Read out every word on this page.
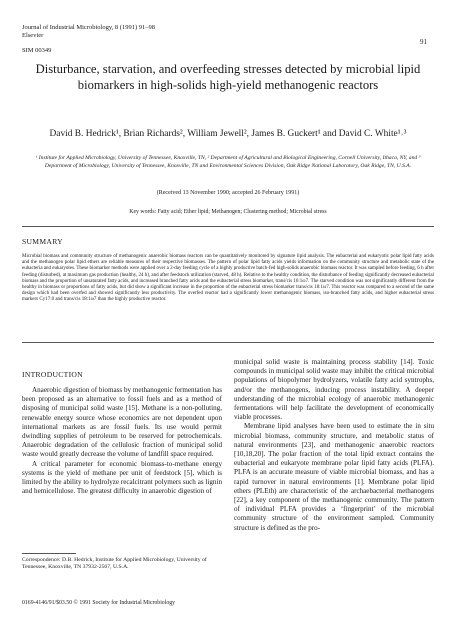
Journal of Industrial Microbiology, 8 (1991) 91–98
Elsevier
91
SIM 00349
Disturbance, starvation, and overfeeding stresses detected by microbial lipid biomarkers in high-solids high-yield methanogenic reactors
David B. Hedrick¹, Brian Richards², William Jewell², James B. Guckert¹ and David C. White¹˒³
¹ Institute for Applied Microbiology, University of Tennessee, Knoxville, TN, ² Department of Agricultural and Biological Engineering, Cornell University, Ithaca, NY, and ³ Department of Microbiology, University of Tennessee, Knoxville, TN and Environmental Sciences Division, Oak Ridge National Laboratory, Oak Ridge, TN, U.S.A.
(Received 13 November 1990; accepted 26 February 1991)
Key words: Fatty acid; Ether lipid; Methanogen; Clustering method; Microbial stress
SUMMARY
Microbial biomass and community structure of methanogenic anaerobic biomass reactors can be quantitatively monitored by signature lipid analysis. The eubacterial and eukaryotic polar lipid fatty acids and the methanogen polar lipid ethers are reliable measures of their respective biomasses. The pattern of polar lipid fatty acids yields information on the community structure and metabolic state of the eubacteria and eukaryotes. These biomarker methods were applied over a 2-day feeding cycle of a highly productive batch-fed high-solids anaerobic biomass reactor. It was sampled before feeding, 6 h after feeding (disturbed), at maximum gas production (healthy, 24 h), and after feedstock utilization (starved, 48 h). Relative to the healthy condition, the disturbance of feeding significantly decreased eubacterial biomass and the proportion of unsaturated fatty acids, and increased branched fatty acids and the eubacterial stress biomarker, trans/cis 16:1ω7. The starved condition was not significantly different from the healthy in biomass or proportions of fatty acids, but did show a significant increase in the proportion of the eubacterial stress biomarker trans/cis 18:1ω7. This reactor was compared to a second of the same design which had been overfed and showed significantly less productivity. The overfed reactor had a significantly lower methanogenic biomass, iso-branched fatty acids, and higher eubacterial stress markers Cy17:0 and trans/cis 18:1ω7 than the highly productive reactor.
INTRODUCTION

Anaerobic digestion of biomass by methanogenic fermentation has been proposed as an alternative to fossil fuels and as a method of disposing of municipal solid waste [15]. Methane is a non-polluting, renewable energy source whose economics are not dependent upon international markets as are fossil fuels. Its use would permit dwindling supplies of petroleum to be reserved for petrochemicals. Anaerobic degradation of the cellulosic fraction of municipal solid waste would greatly decrease the volume of landfill space required.

A critical parameter for economic biomass-to-methane energy systems is the yield of methane per unit of feedstock [5], which is limited by the ability to hydrolyze recalcitrant polymers such as lignin and hemicellulose. The greatest difficulty in anaerobic digestion of

municipal solid waste is maintaining process stability [14]. Toxic compounds in municipal solid waste may inhibit the critical microbial populations of biopolymer hydrolyzers, volatile fatty acid syntrophs, and/or the methanogens, inducing process instability. A deeper understanding of the microbial ecology of anaerobic methanogenic fermentations will help facilitate the development of economically viable processes.

Membrane lipid analyses have been used to estimate the in situ microbial biomass, community structure, and metabolic status of natural environments [23], and methanogenic anaerobic reactors [10,18,20]. The polar fraction of the total lipid extract contains the eubacterial and eukaryote membrane polar lipid fatty acids (PLFA). PLFA is an accurate measure of viable microbial biomass, and has a rapid turnover in natural environments [1]. Membrane polar lipid ethers (PLEth) are characteristic of the archaebacterial methanogens [22], a key component of the methanogenic community. The pattern of individual PLFA provides a ‘fingerprint’ of the microbial community structure of the environment sampled. Community structure is defined as the pro-

Correspondence: D.B. Hedrick, Institute for Applied Microbiology, University of Tennessee, Knoxville, TN 37932-2567, U.S.A.
0169-4146/91/$03.50 © 1991 Society for Industrial Microbiology
